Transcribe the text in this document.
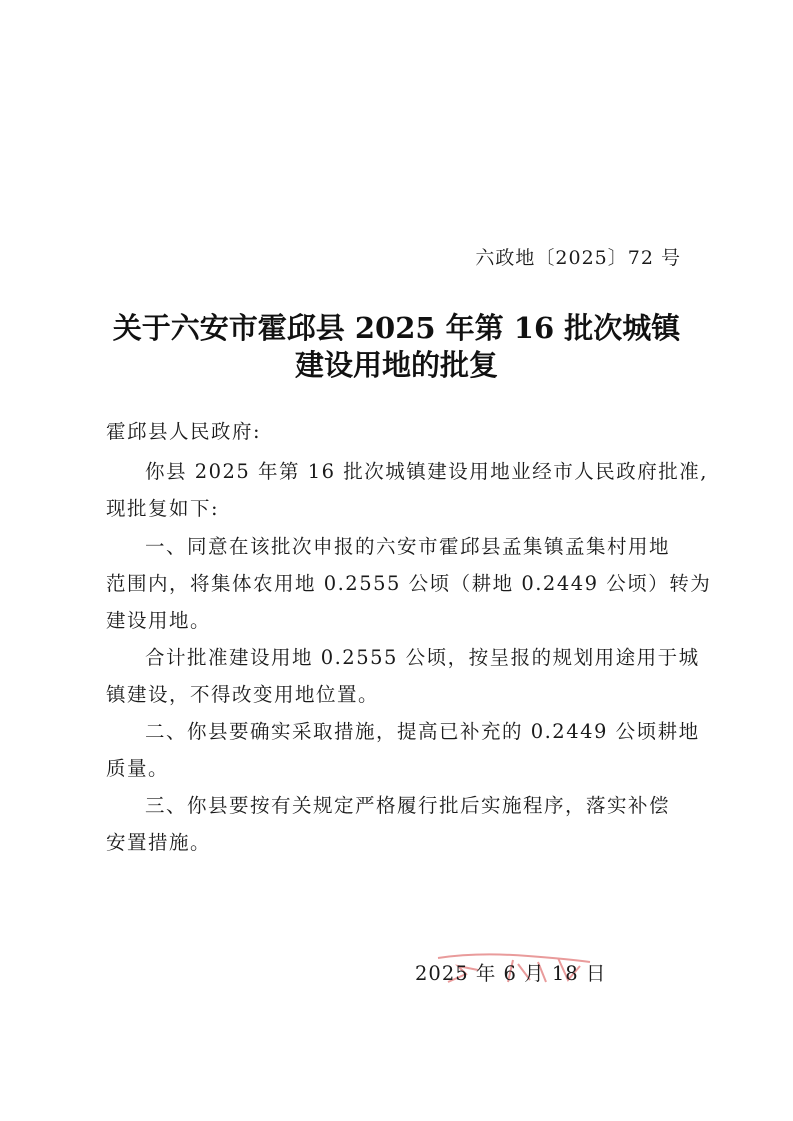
六政地〔2025〕72 号
关于六安市霍邱县 2025 年第 16 批次城镇
建设用地的批复
霍邱县人民政府:
你县 2025 年第 16 批次城镇建设用地业经市人民政府批准,
现批复如下:
一、同意在该批次申报的六安市霍邱县孟集镇孟集村用地
范围内，将集体农用地 0.2555 公顷（耕地 0.2449 公顷）转为
建设用地。
合计批准建设用地 0.2555 公顷，按呈报的规划用途用于城
镇建设，不得改变用地位置。
二、你县要确实采取措施，提高已补充的 0.2449 公顷耕地
质量。
三、你县要按有关规定严格履行批后实施程序，落实补偿
安置措施。
2025 年 6 月 18 日
